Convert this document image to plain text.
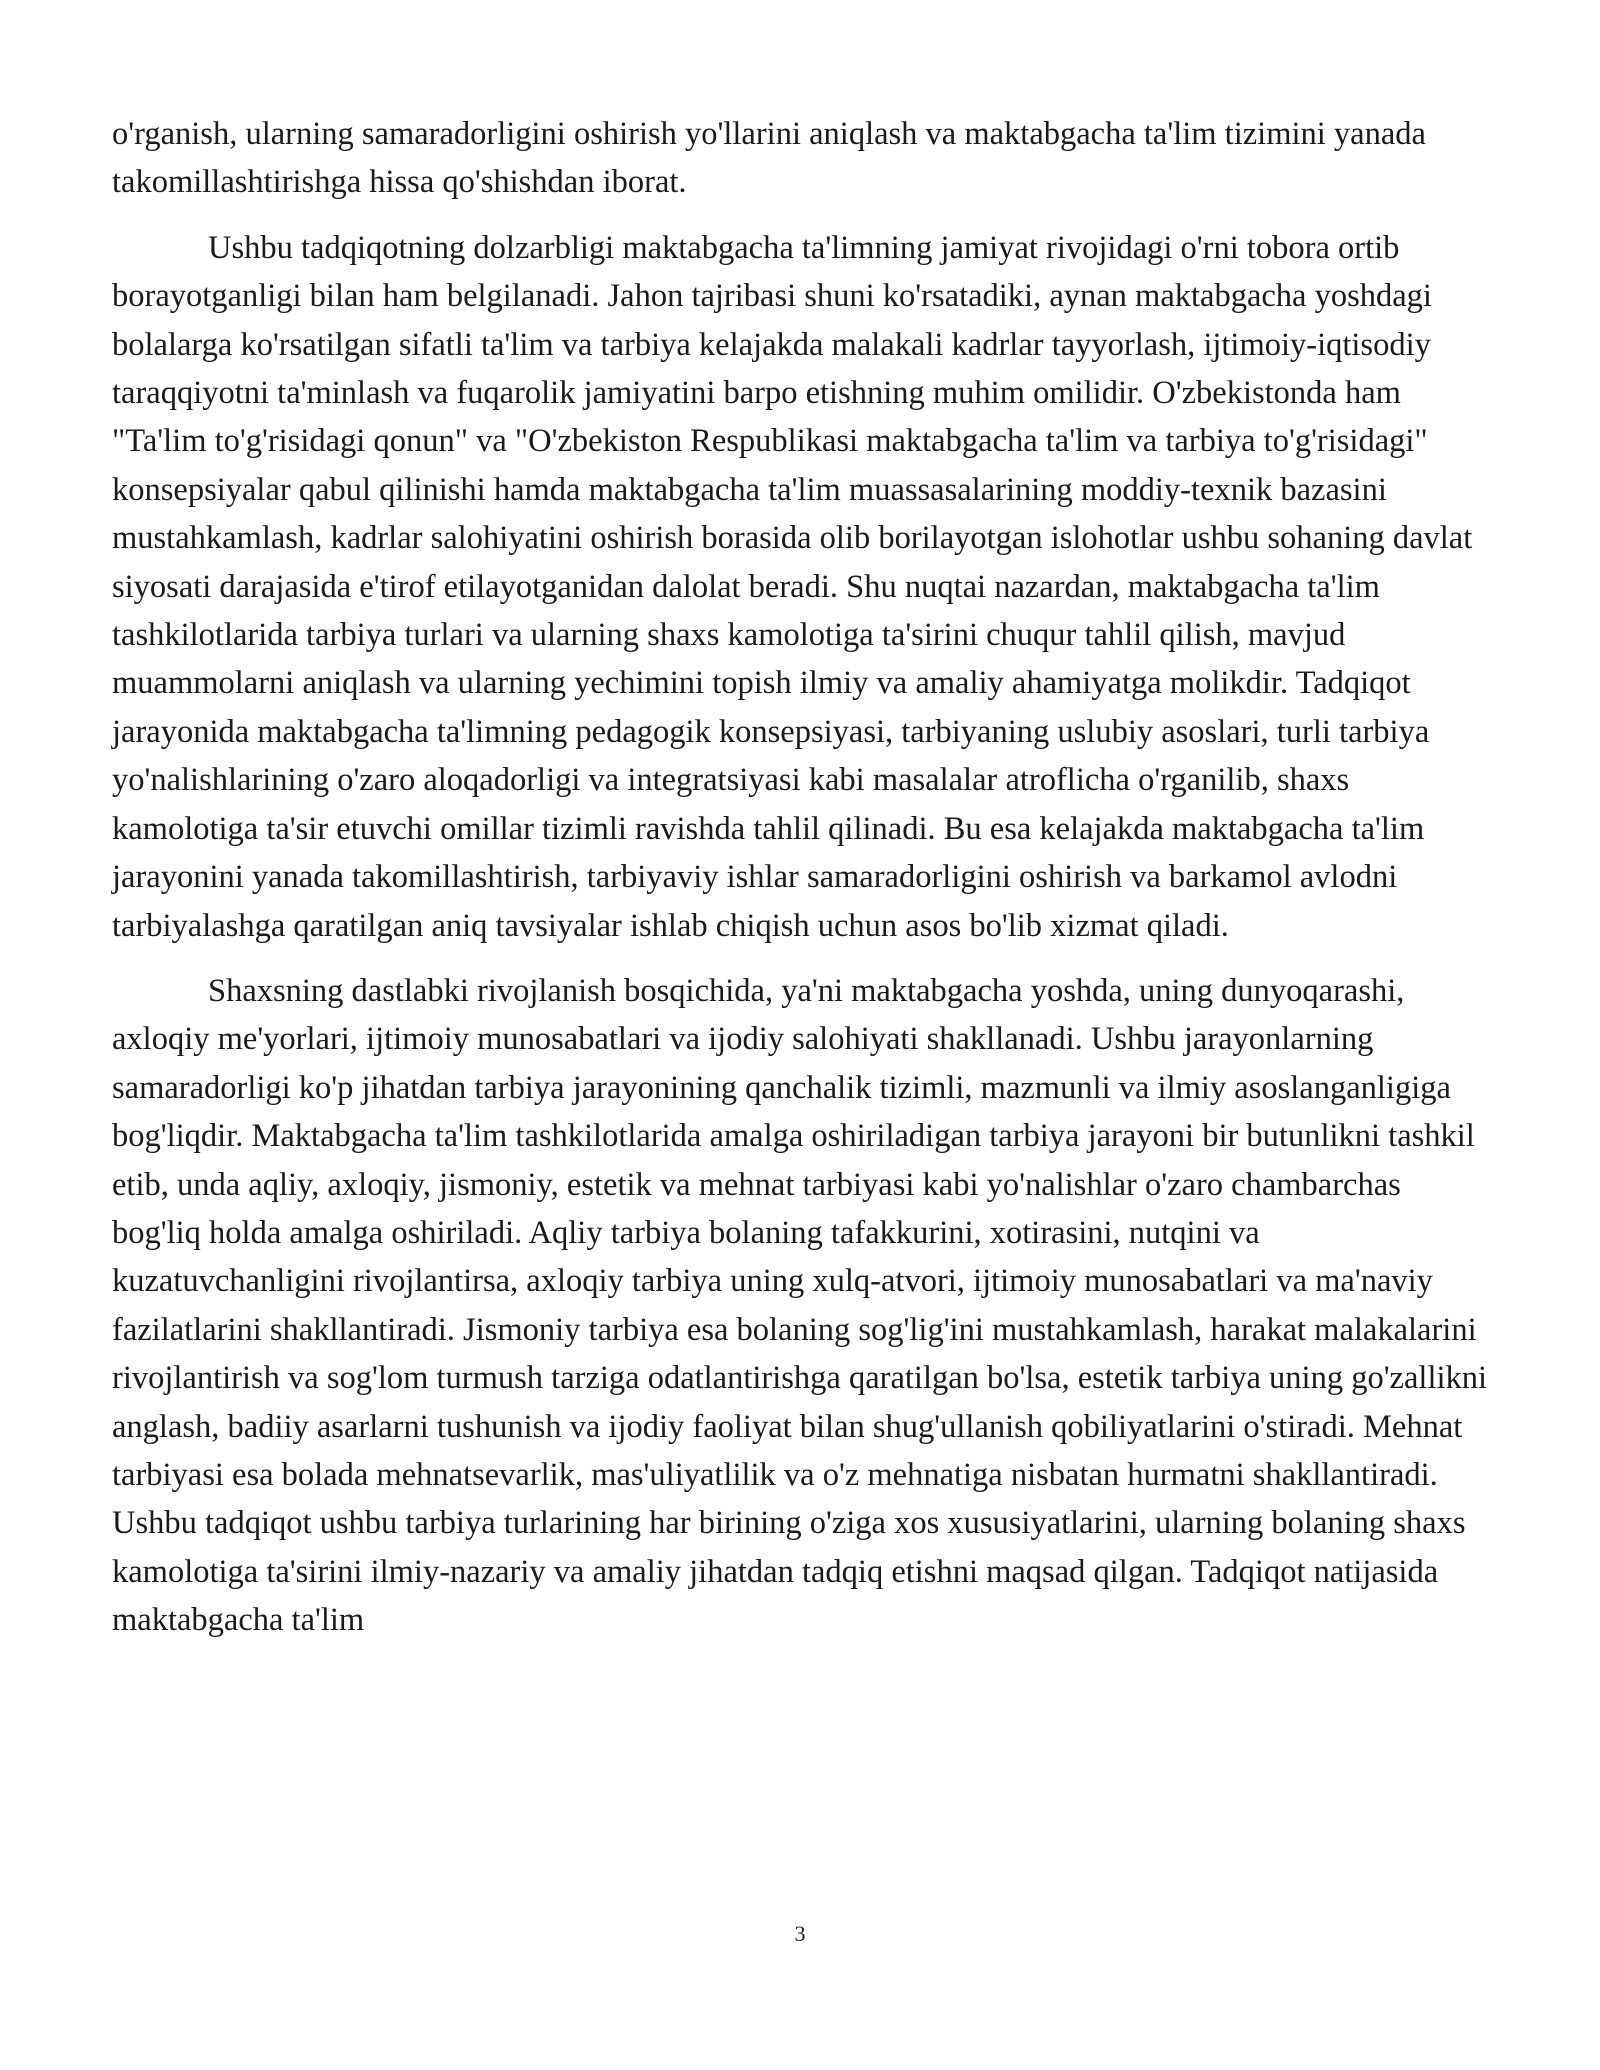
o'rganish, ularning samaradorligini oshirish yo'llarini aniqlash va maktabgacha ta'lim tizimini yanada takomillashtirishga hissa qo'shishdan iborat.

Ushbu tadqiqotning dolzarbligi maktabgacha ta'limning jamiyat rivojidagi o'rni tobora ortib borayotganligi bilan ham belgilanadi. Jahon tajribasi shuni ko'rsatadiki, aynan maktabgacha yoshdagi bolalarga ko'rsatilgan sifatli ta'lim va tarbiya kelajakda malakali kadrlar tayyorlash, ijtimoiy-iqtisodiy taraqqiyotni ta'minlash va fuqarolik jamiyatini barpo etishning muhim omilidir. O'zbekistonda ham "Ta'lim to'g'risidagi qonun" va "O'zbekiston Respublikasi maktabgacha ta'lim va tarbiya to'g'risidagi" konsepsiyalar qabul qilinishi hamda maktabgacha ta'lim muassasalarining moddiy-texnik bazasini mustahkamlash, kadrlar salohiyatini oshirish borasida olib borilayotgan islohotlar ushbu sohaning davlat siyosati darajasida e'tirof etilayotganidan dalolat beradi. Shu nuqtai nazardan, maktabgacha ta'lim tashkilotlarida tarbiya turlari va ularning shaxs kamolotiga ta'sirini chuqur tahlil qilish, mavjud muammolarni aniqlash va ularning yechimini topish ilmiy va amaliy ahamiyatga molikdir. Tadqiqot jarayonida maktabgacha ta'limning pedagogik konsepsiyasi, tarbiyaning uslubiy asoslari, turli tarbiya yo'nalishlarining o'zaro aloqadorligi va integratsiyasi kabi masalalar atroflicha o'rganilib, shaxs kamolotiga ta'sir etuvchi omillar tizimli ravishda tahlil qilinadi. Bu esa kelajakda maktabgacha ta'lim jarayonini yanada takomillashtirish, tarbiyaviy ishlar samaradorligini oshirish va barkamol avlodni tarbiyalashga qaratilgan aniq tavsiyalar ishlab chiqish uchun asos bo'lib xizmat qiladi.

Shaxsning dastlabki rivojlanish bosqichida, ya'ni maktabgacha yoshda, uning dunyoqarashi, axloqiy me'yorlari, ijtimoiy munosabatlari va ijodiy salohiyati shakllanadi. Ushbu jarayonlarning samaradorligi ko'p jihatdan tarbiya jarayonining qanchalik tizimli, mazmunli va ilmiy asoslanganligiga bog'liqdir. Maktabgacha ta'lim tashkilotlarida amalga oshiriladigan tarbiya jarayoni bir butunlikni tashkil etib, unda aqliy, axloqiy, jismoniy, estetik va mehnat tarbiyasi kabi yo'nalishlar o'zaro chambarchas bog'liq holda amalga oshiriladi. Aqliy tarbiya bolaning tafakkurini, xotirasini, nutqini va kuzatuvchanligini rivojlantirsa, axloqiy tarbiya uning xulq-atvori, ijtimoiy munosabatlari va ma'naviy fazilatlarini shakllantiradi. Jismoniy tarbiya esa bolaning sog'lig'ini mustahkamlash, harakat malakalarini rivojlantirish va sog'lom turmush tarziga odatlantirishga qaratilgan bo'lsa, estetik tarbiya uning go'zallikni anglash, badiiy asarlarni tushunish va ijodiy faoliyat bilan shug'ullanish qobiliyatlarini o'stiradi. Mehnat tarbiyasi esa bolada mehnatsevarlik, mas'uliyatlilik va o'z mehnatiga nisbatan hurmatni shakllantiradi. Ushbu tadqiqot ushbu tarbiya turlarining har birining o'ziga xos xususiyatlarini, ularning bolaning shaxs kamolotiga ta'sirini ilmiy-nazariy va amaliy jihatdan tadqiq etishni maqsad qilgan. Tadqiqot natijasida maktabgacha ta'lim

3
